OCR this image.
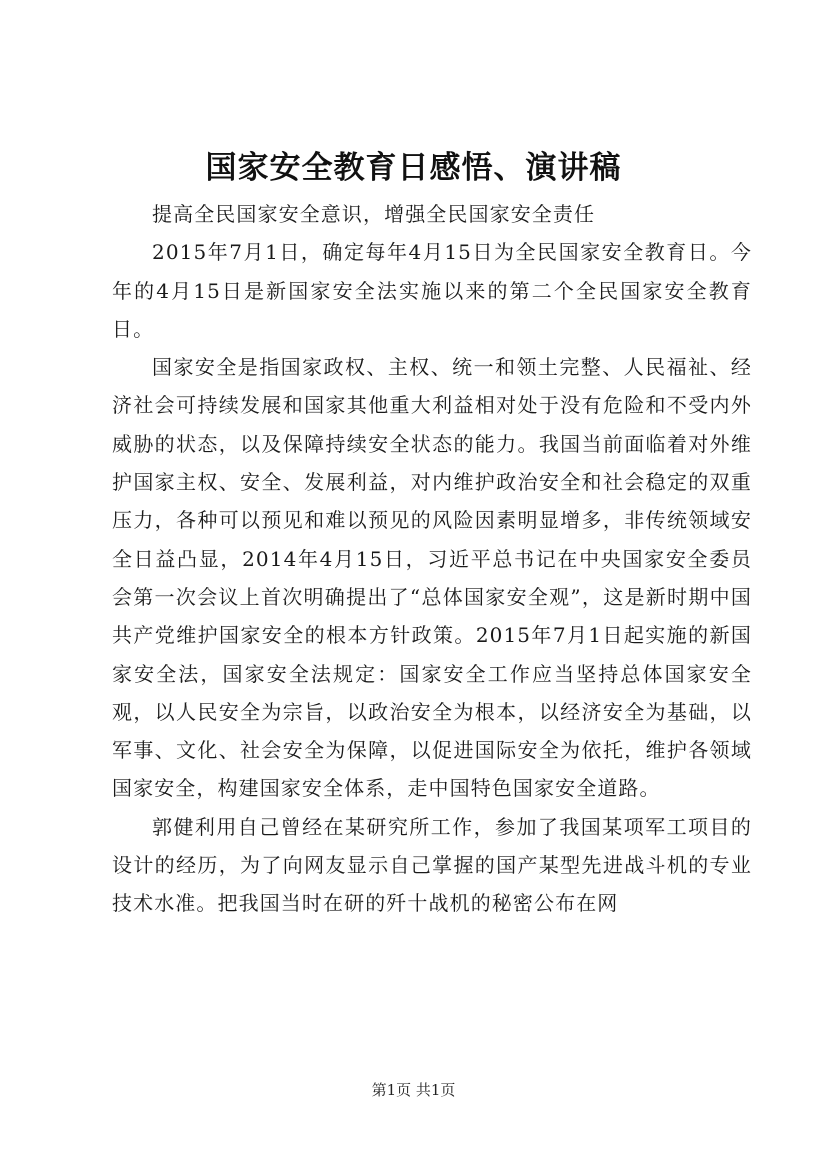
国家安全教育日感悟、演讲稿

提高全民国家安全意识，增强全民国家安全责任

2015年7月1日，确定每年4月15日为全民国家安全教育日。今年的4月15日是新国家安全法实施以来的第二个全民国家安全教育日。

国家安全是指国家政权、主权、统一和领土完整、人民福祉、经济社会可持续发展和国家其他重大利益相对处于没有危险和不受内外威胁的状态，以及保障持续安全状态的能力。我国当前面临着对外维护国家主权、安全、发展利益，对内维护政治安全和社会稳定的双重压力，各种可以预见和难以预见的风险因素明显增多，非传统领域安全日益凸显，2014年4月15日，习近平总书记在中央国家安全委员会第一次会议上首次明确提出了“总体国家安全观”，这是新时期中国共产党维护国家安全的根本方针政策。2015年7月1日起实施的新国家安全法，国家安全法规定：国家安全工作应当坚持总体国家安全观，以人民安全为宗旨，以政治安全为根本，以经济安全为基础，以军事、文化、社会安全为保障，以促进国际安全为依托，维护各领域国家安全，构建国家安全体系，走中国特色国家安全道路。

郭健利用自己曾经在某研究所工作，参加了我国某项军工项目的设计的经历，为了向网友显示自己掌握的国产某型先进战斗机的专业技术水准。把我国当时在研的歼十战机的秘密公布在网

第1页 共1页
